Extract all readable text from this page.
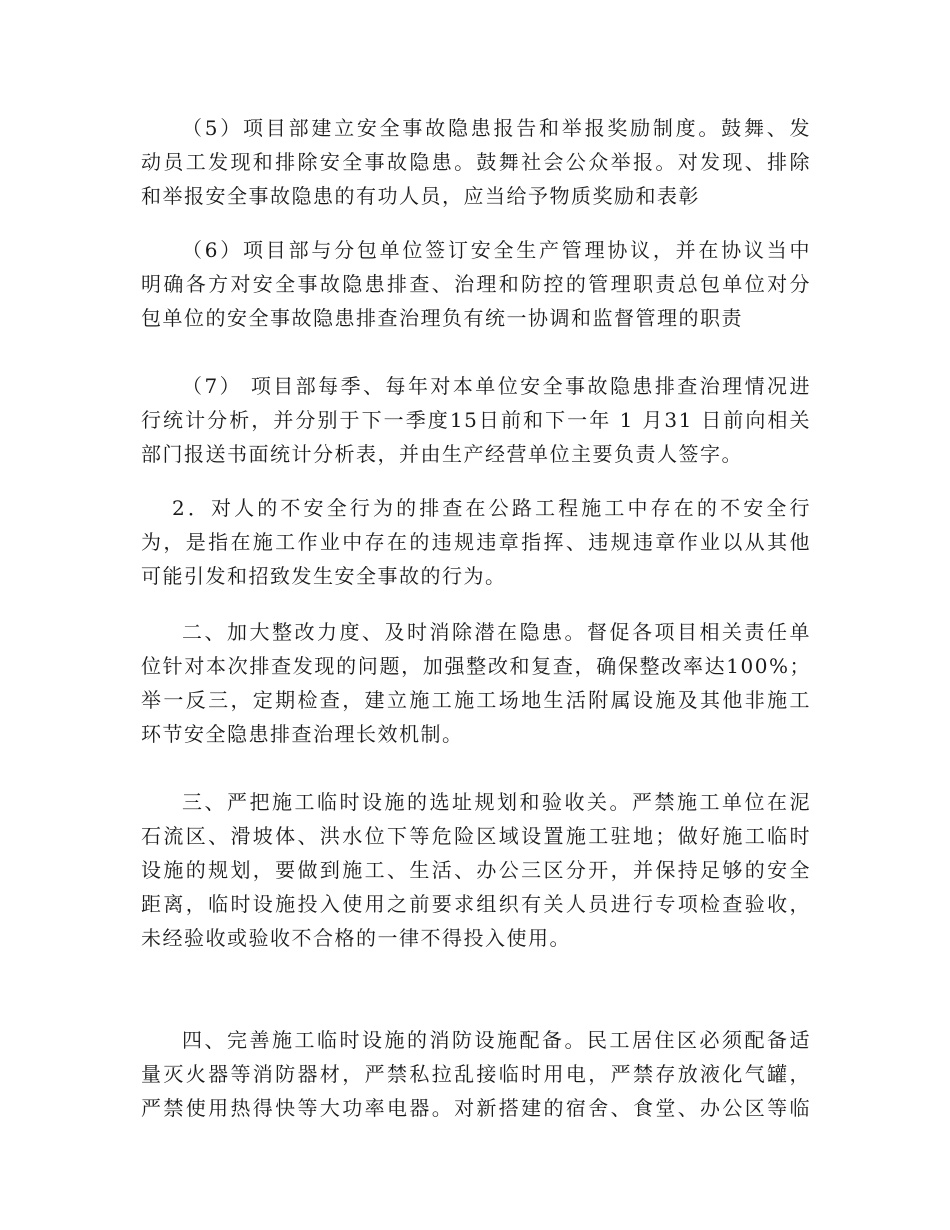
（5）项目部建立安全事故隐患报告和举报奖励制度。鼓舞、发
动员工发现和排除安全事故隐患。鼓舞社会公众举报。对发现、排除
和举报安全事故隐患的有功人员，应当给予物质奖励和表彰
（6）项目部与分包单位签订安全生产管理协议，并在协议当中
明确各方对安全事故隐患排查、治理和防控的管理职责总包单位对分
包单位的安全事故隐患排查治理负有统一协调和监督管理的职责
（7） 项目部每季、每年对本单位安全事故隐患排查治理情况进
行统计分析，并分别于下一季度15日前和下一年 1 月31 日前向相关
部门报送书面统计分析表，并由生产经营单位主要负责人签字。
2．对人的不安全行为的排查在公路工程施工中存在的不安全行
为，是指在施工作业中存在的违规违章指挥、违规违章作业以从其他
可能引发和招致发生安全事故的行为。
二、加大整改力度、及时消除潜在隐患。督促各项目相关责任单
位针对本次排查发现的问题，加强整改和复查，确保整改率达100%；
举一反三，定期检查，建立施工施工场地生活附属设施及其他非施工
环节安全隐患排查治理长效机制。
三、严把施工临时设施的选址规划和验收关。严禁施工单位在泥
石流区、滑坡体、洪水位下等危险区域设置施工驻地；做好施工临时
设施的规划，要做到施工、生活、办公三区分开，并保持足够的安全
距离，临时设施投入使用之前要求组织有关人员进行专项检查验收，
未经验收或验收不合格的一律不得投入使用。
四、完善施工临时设施的消防设施配备。民工居住区必须配备适
量灭火器等消防器材，严禁私拉乱接临时用电，严禁存放液化气罐，
严禁使用热得快等大功率电器。对新搭建的宿舍、食堂、办公区等临
